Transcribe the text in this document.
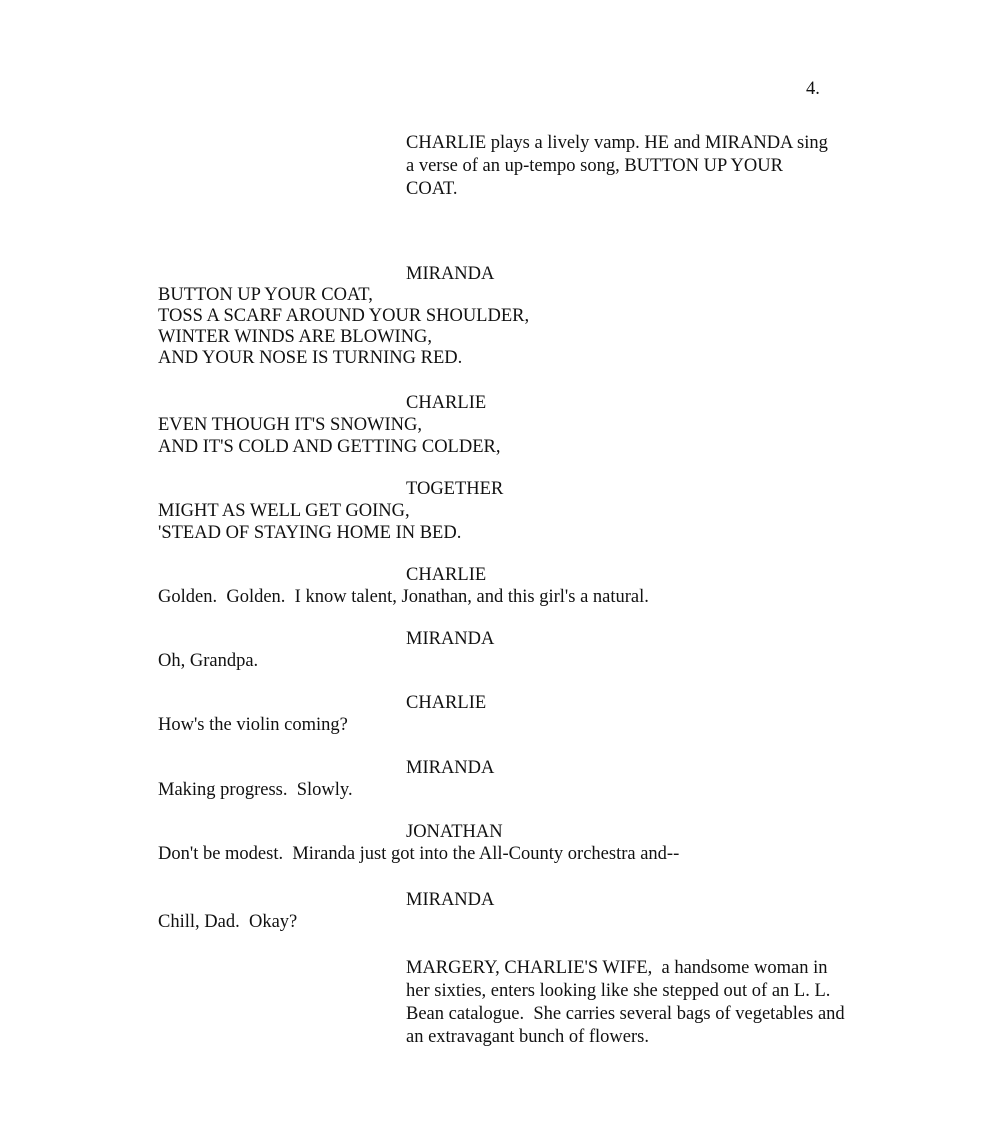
4.
CHARLIE plays a lively vamp. HE and MIRANDA sing
a verse of an up-tempo song, BUTTON UP YOUR
COAT.
MIRANDA
BUTTON UP YOUR COAT,
TOSS A SCARF AROUND YOUR SHOULDER,
WINTER WINDS ARE BLOWING,
AND YOUR NOSE IS TURNING RED.
CHARLIE
EVEN THOUGH IT'S SNOWING,
AND IT'S COLD AND GETTING COLDER,
TOGETHER
MIGHT AS WELL GET GOING,
'STEAD OF STAYING HOME IN BED.
CHARLIE
Golden.  Golden.  I know talent, Jonathan, and this girl's a natural.
MIRANDA
Oh, Grandpa.
CHARLIE
How's the violin coming?
MIRANDA
Making progress.  Slowly.
JONATHAN
Don't be modest.  Miranda just got into the All-County orchestra and--
MIRANDA
Chill, Dad.  Okay?
MARGERY, CHARLIE'S WIFE,  a handsome woman in
her sixties, enters looking like she stepped out of an L. L.
Bean catalogue.  She carries several bags of vegetables and
an extravagant bunch of flowers.
